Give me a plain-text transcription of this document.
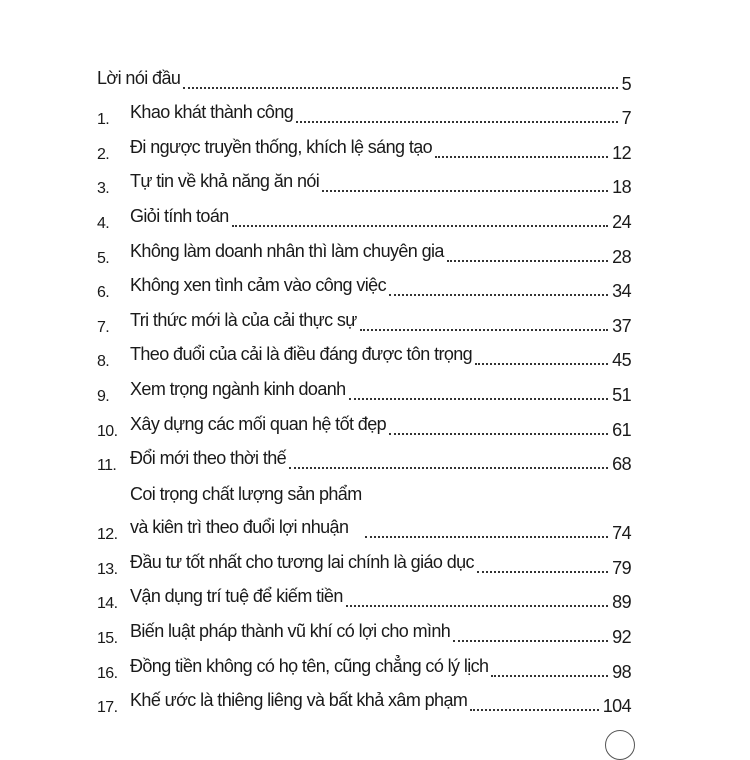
Lời nói đầu	5
1.	Khao khát thành công	7
2.	Đi ngược truyền thống, khích lệ sáng tạo	12
3.	Tự tin về khả năng ăn nói	18
4.	Giỏi tính toán	24
5.	Không làm doanh nhân thì làm chuyên gia	28
6.	Không xen tình cảm vào công việc	34
7.	Tri thức mới là của cải thực sự	37
8.	Theo đuổi của cải là điều đáng được tôn trọng	45
9.	Xem trọng ngành kinh doanh	51
10. Xây dựng các mối quan hệ tốt đẹp	61
11. Đổi mới theo thời thế	68
12.
Coi trọng chất lượng sản phẩm
và kiên trì theo đuổi lợi nhuận	74
13. Đầu tư tốt nhất cho tương lai chính là giáo dục	79
14. Vận dụng trí tuệ để kiếm tiền	89
15. Biến luật pháp thành vũ khí có lợi cho mình	92
16. Đồng tiền không có họ tên, cũng chẳng có lý lịch	98
17. Khế ước là thiêng liêng và bất khả xâm phạm	104
